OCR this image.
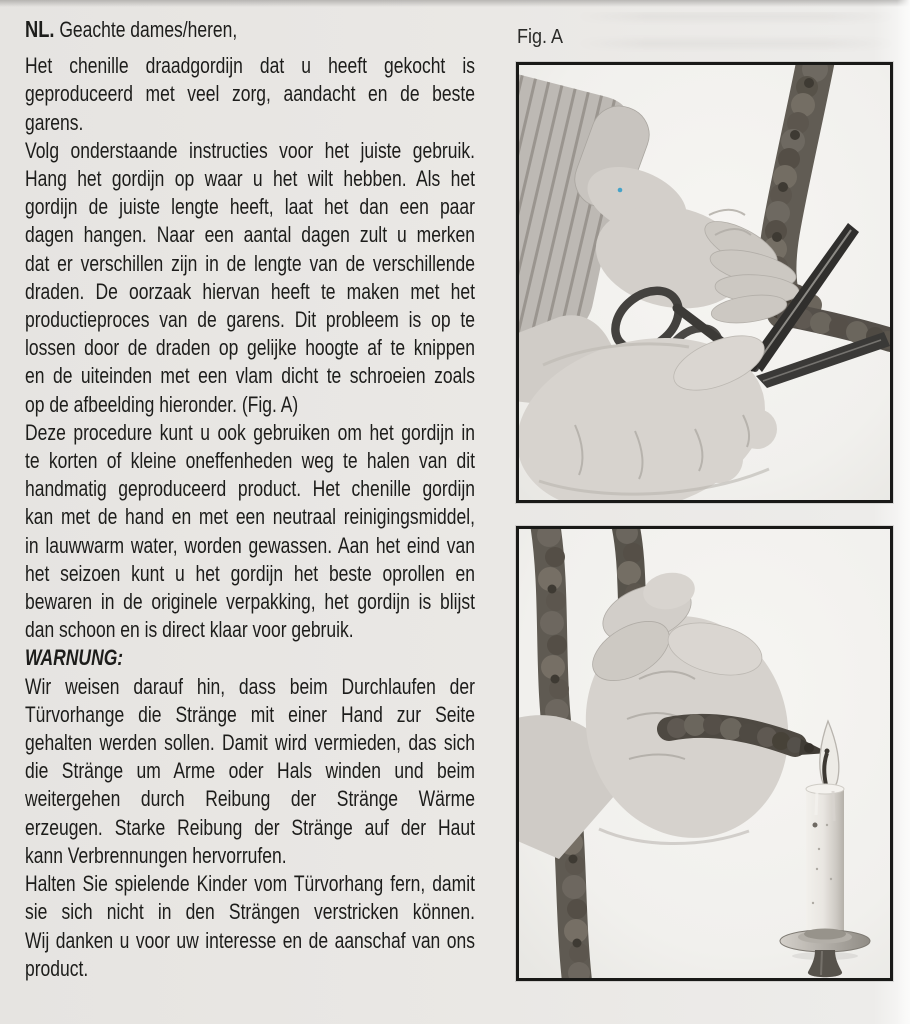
NL. Geachte dames/heren,
Het chenille draadgordijn dat u heeft gekocht is
geproduceerd met veel zorg, aandacht en de beste
garens.
Volg onderstaande instructies voor het juiste gebruik.
Hang het gordijn op waar u het wilt hebben. Als het
gordijn de juiste lengte heeft, laat het dan een paar
dagen hangen. Naar een aantal dagen zult u merken
dat er verschillen zijn in de lengte van de verschillende
draden. De oorzaak hiervan heeft te maken met het
productieproces van de garens. Dit probleem is op te
lossen door de draden op gelijke hoogte af te knippen
en de uiteinden met een vlam dicht te schroeien zoals
op de afbeelding hieronder. (Fig. A)
Deze procedure kunt u ook gebruiken om het gordijn in
te korten of kleine oneffenheden weg te halen van dit
handmatig geproduceerd product. Het chenille gordijn
kan met de hand en met een neutraal reinigingsmiddel,
in lauwwarm water, worden gewassen. Aan het eind van
het seizoen kunt u het gordijn het beste oprollen en
bewaren in de originele verpakking, het gordijn is blijst
dan schoon en is direct klaar voor gebruik.
WARNUNG:
Wir weisen darauf hin, dass beim Durchlaufen der
Türvorhange die Stränge mit einer Hand zur Seite
gehalten werden sollen. Damit wird vermieden, das sich
die Stränge um Arme oder Hals winden und beim
weitergehen durch Reibung der Stränge Wärme
erzeugen. Starke Reibung der Stränge auf der Haut
kann Verbrennungen hervorrufen.
Halten Sie spielende Kinder vom Türvorhang fern, damit
sie sich nicht in den Strängen verstricken können.
Wij danken u voor uw interesse en de aanschaf van ons
product.
Fig. A
